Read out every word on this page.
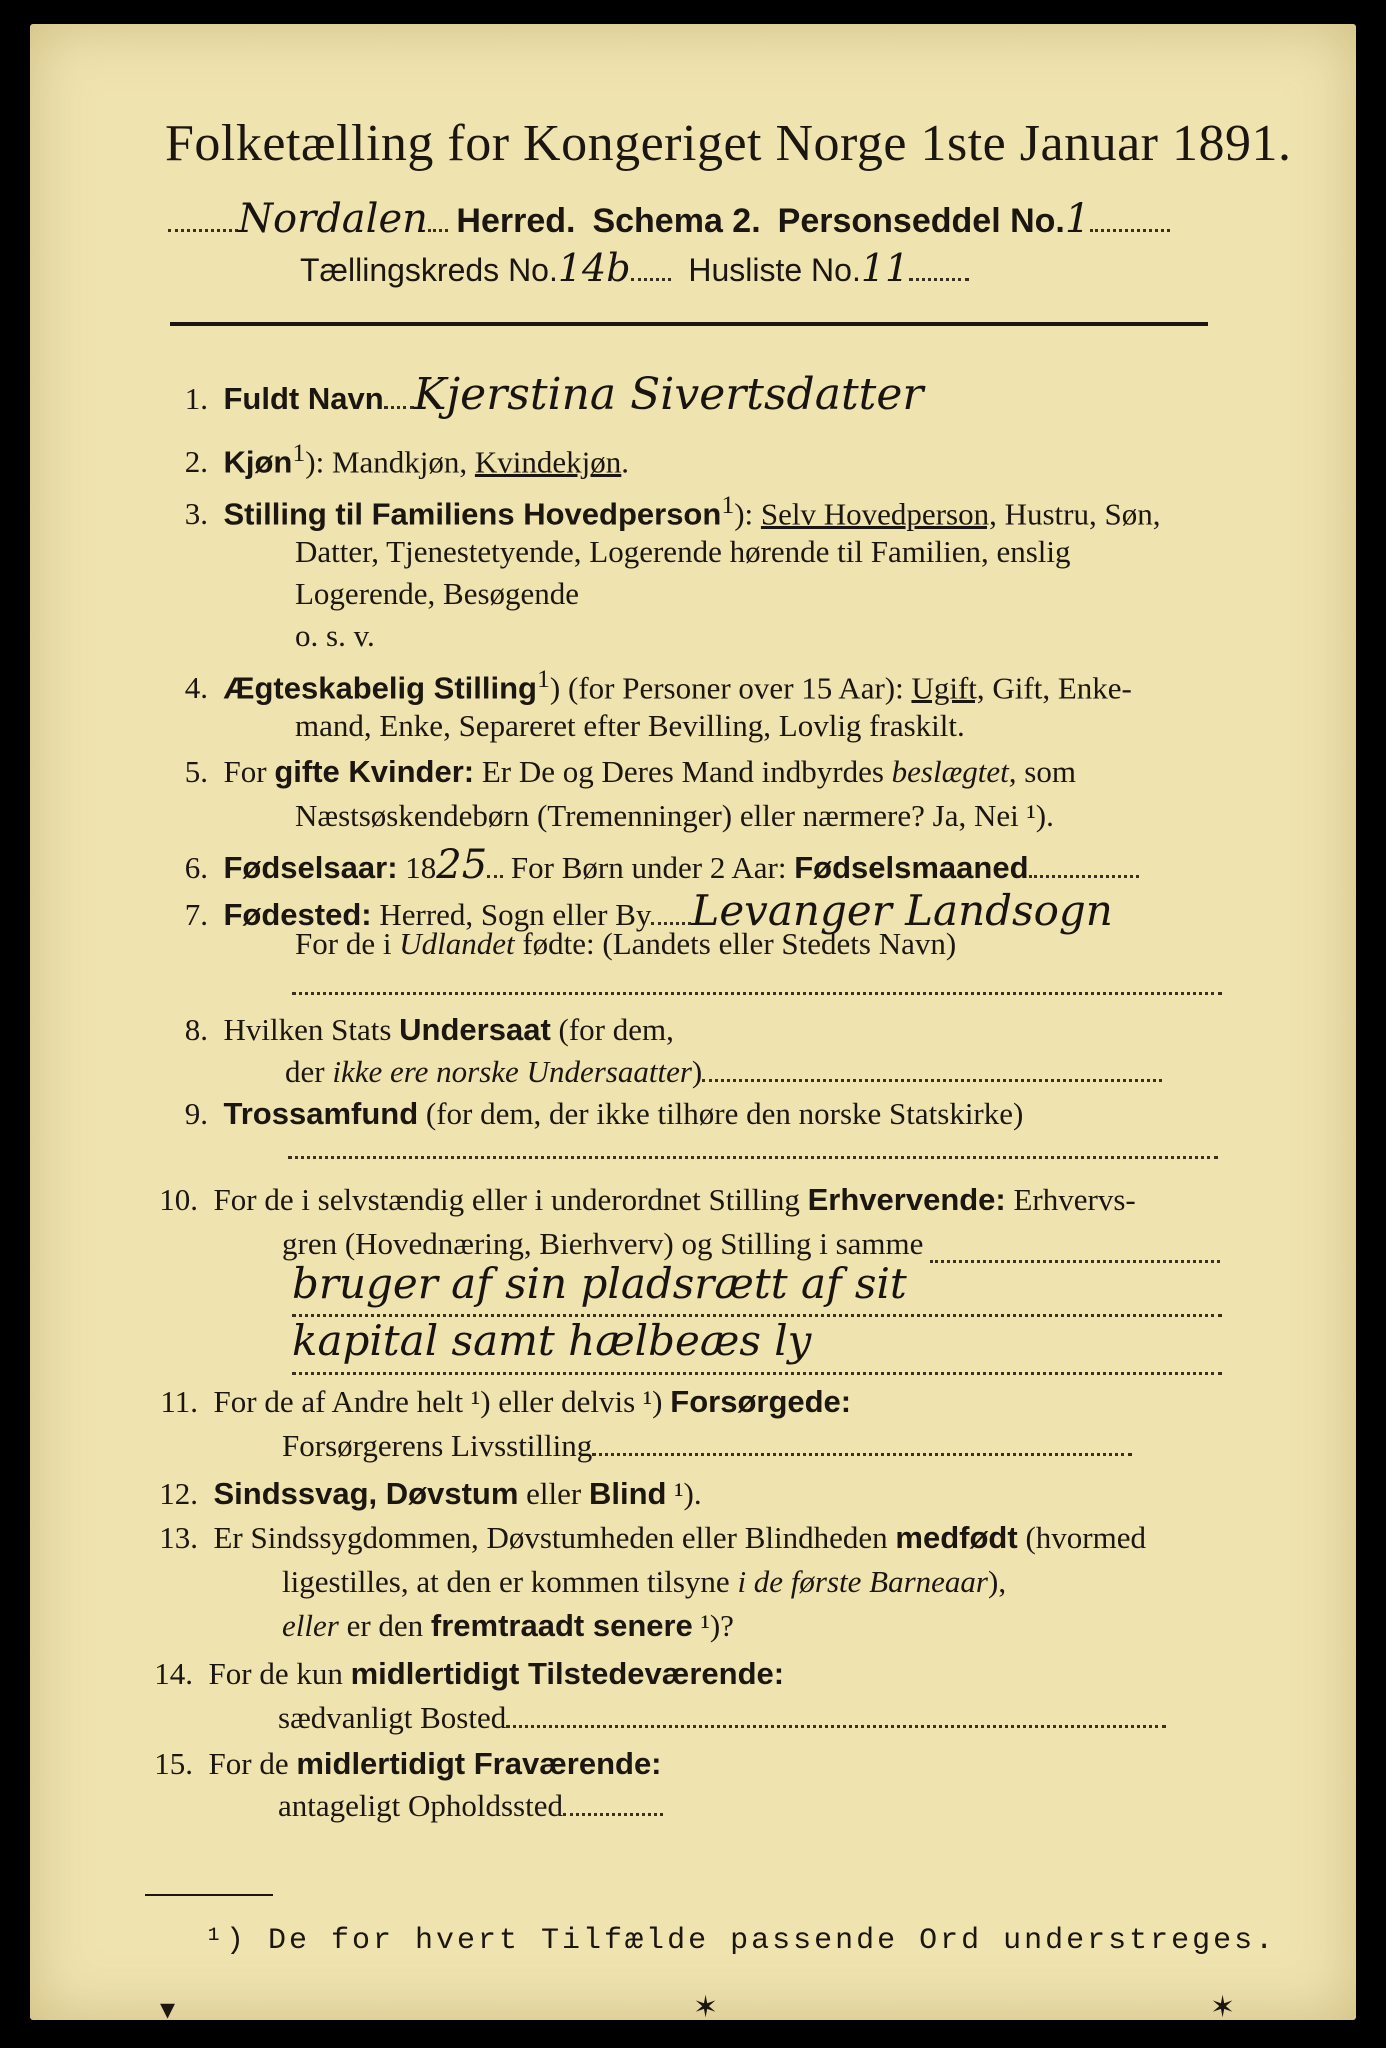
Folketælling for Kongeriget Norge 1ste Januar 1891.
Nordalen Herred. Schema 2. Personseddel No.1
Tællingskreds No.14b Husliste No.11
1. Fuldt Navn Kjerstina Sivertsdatter
2. Kjøn$^1$): Mandkjøn, Kvindekjøn.
3. Stilling til Familiens Hovedperson$^1$): Selv Hovedperson, Hustru, Søn,
Datter, Tjenestetyende, Logerende hørende til Familien, enslig
Logerende, Besøgende
o. s. v.
4. Ægteskabelig Stilling$^1$) (for Personer over 15 Aar): Ugift, Gift, Enke-
mand, Enke, Separeret efter Bevilling, Lovlig fraskilt.
5. For gifte Kvinder: Er De og Deres Mand indbyrdes beslægtet, som
Næstsøskendebørn (Tremenninger) eller nærmere? Ja, Nei ¹).
6. Fødselsaar: 1825 For Børn under 2 Aar: Fødselsmaaned
7. Fødested: Herred, Sogn eller By Levanger Landsogn
For de i Udlandet fødte: (Landets eller Stedets Navn)
8. Hvilken Stats Undersaat (for dem,
der ikke ere norske Undersaatter)
9. Trossamfund (for dem, der ikke tilhøre den norske Statskirke)
10. For de i selvstændig eller i underordnet Stilling Erhvervende: Erhvervs-
gren (Hovednæring, Bierhverv) og Stilling i samme
bruger af sin pladsrætt af sit
kapital samt hælbeæs ly
11. For de af Andre helt ¹) eller delvis ¹) Forsørgede:
Forsørgerens Livsstilling
12. Sindssvag, Døvstum eller Blind ¹).
13. Er Sindssygdommen, Døvstumheden eller Blindheden medfødt (hvormed
ligestilles, at den er kommen tilsyne i de første Barneaar),
eller er den fremtraadt senere ¹)?
14. For de kun midlertidigt Tilstedeværende:
sædvanligt Bosted
15. For de midlertidigt Fraværende:
antageligt Opholdssted
¹) De for hvert Tilfælde passende Ord understreges.
▾	✶	✶
